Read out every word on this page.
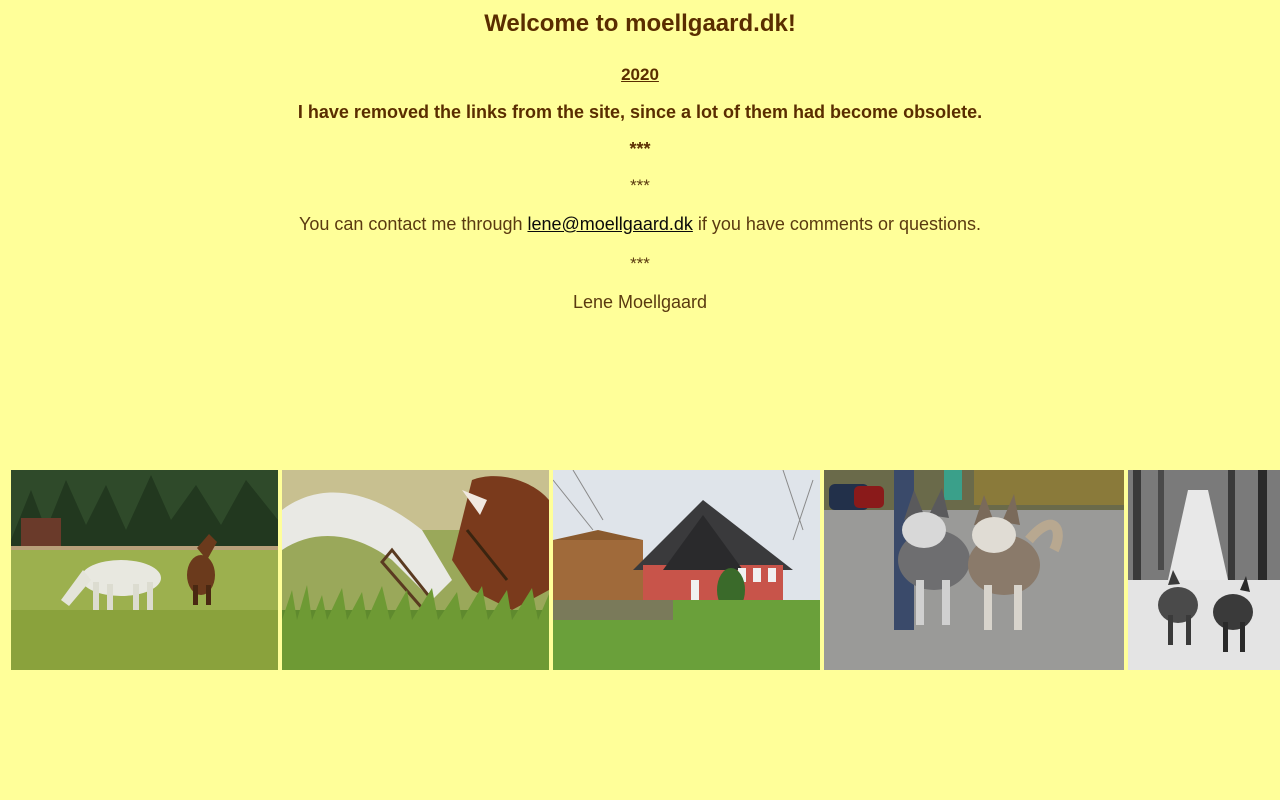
Welcome to moellgaard.dk!

2020

I have removed the links from the site, since a lot of them had become obsolete.

***

***

You can contact me through lene@moellgaard.dk if you have comments or questions.

***

Lene Moellgaard
